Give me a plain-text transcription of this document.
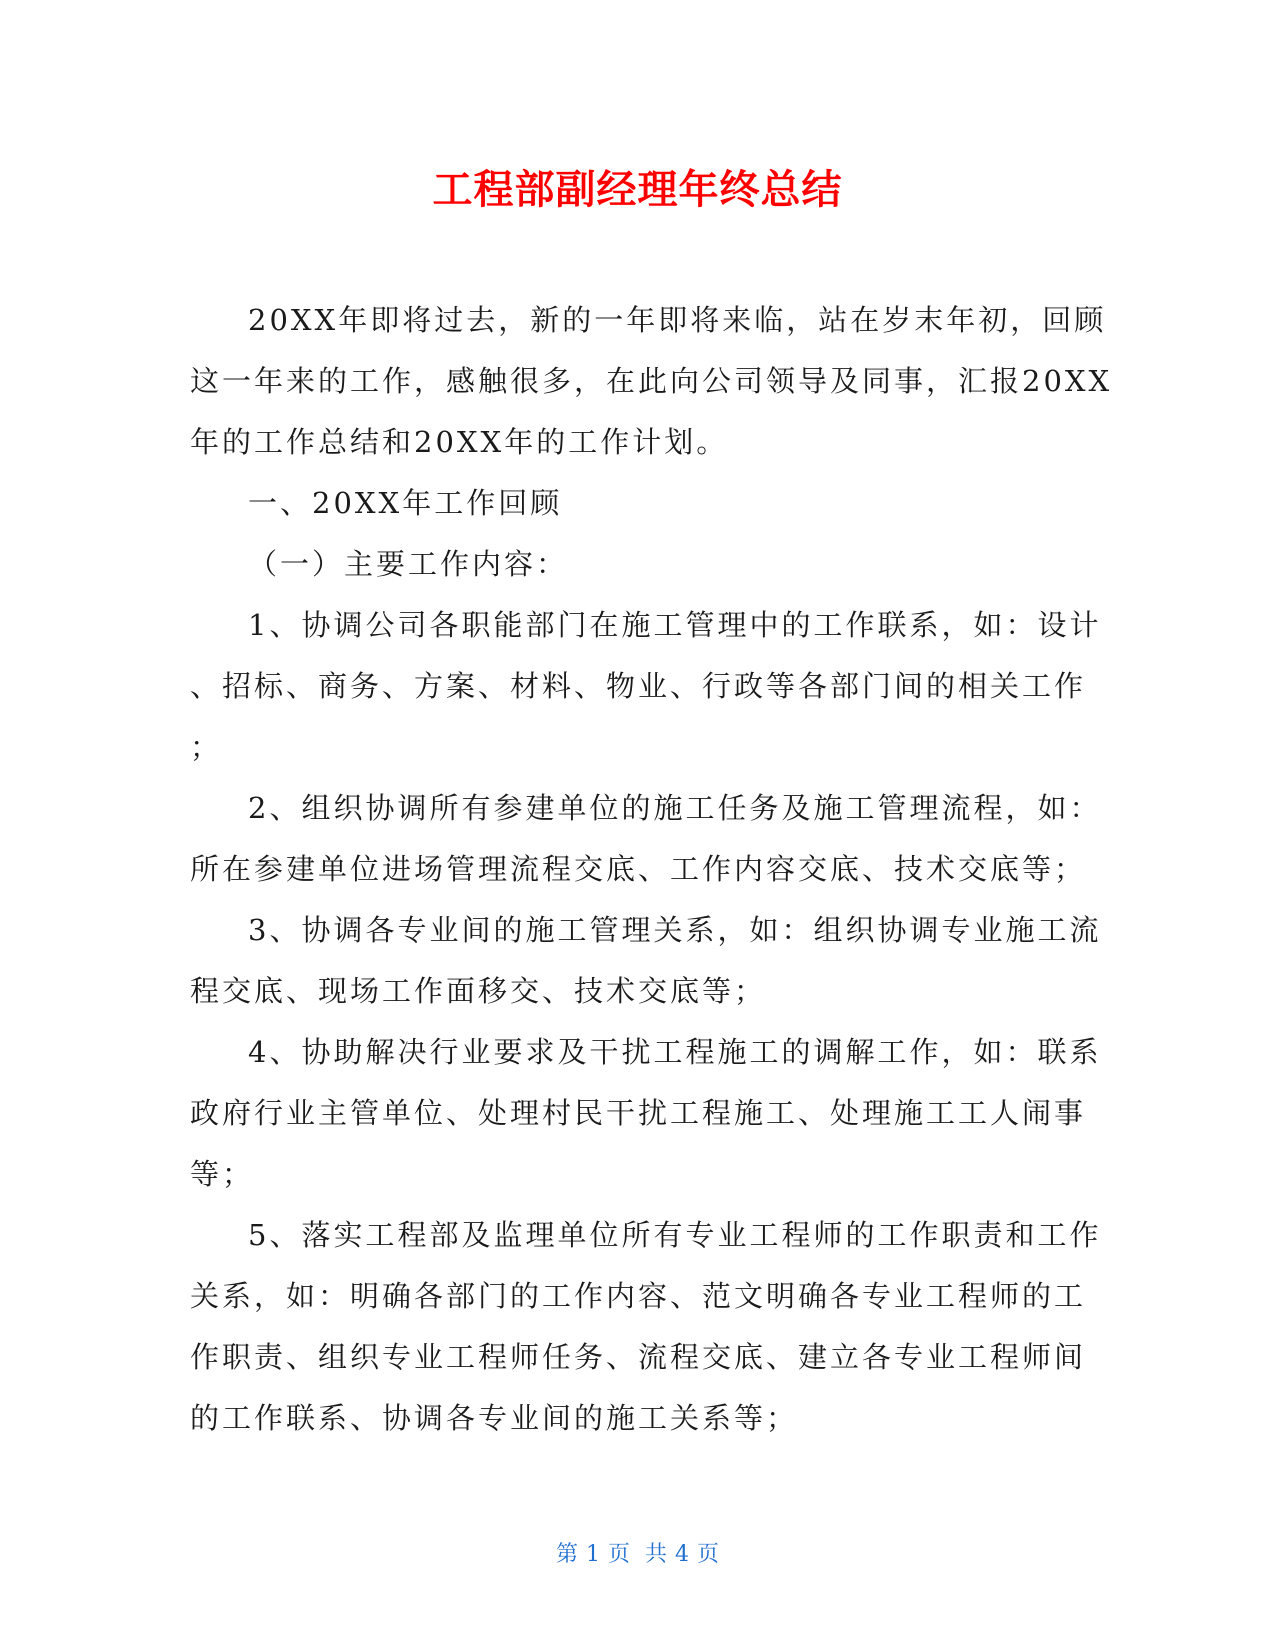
工程部副经理年终总结
20XX年即将过去，新的一年即将来临，站在岁末年初，回顾
这一年来的工作，感触很多，在此向公司领导及同事，汇报20XX
年的工作总结和20XX年的工作计划。
一、20XX年工作回顾
（一）主要工作内容：
1、协调公司各职能部门在施工管理中的工作联系，如：设计
、招标、商务、方案、材料、物业、行政等各部门间的相关工作
；
2、组织协调所有参建单位的施工任务及施工管理流程，如：
所在参建单位进场管理流程交底、工作内容交底、技术交底等；
3、协调各专业间的施工管理关系，如：组织协调专业施工流
程交底、现场工作面移交、技术交底等；
4、协助解决行业要求及干扰工程施工的调解工作，如：联系
政府行业主管单位、处理村民干扰工程施工、处理施工工人闹事
等；
5、落实工程部及监理单位所有专业工程师的工作职责和工作
关系，如：明确各部门的工作内容、范文明确各专业工程师的工
作职责、组织专业工程师任务、流程交底、建立各专业工程师间
的工作联系、协调各专业间的施工关系等；
第 1 页 共 4 页
